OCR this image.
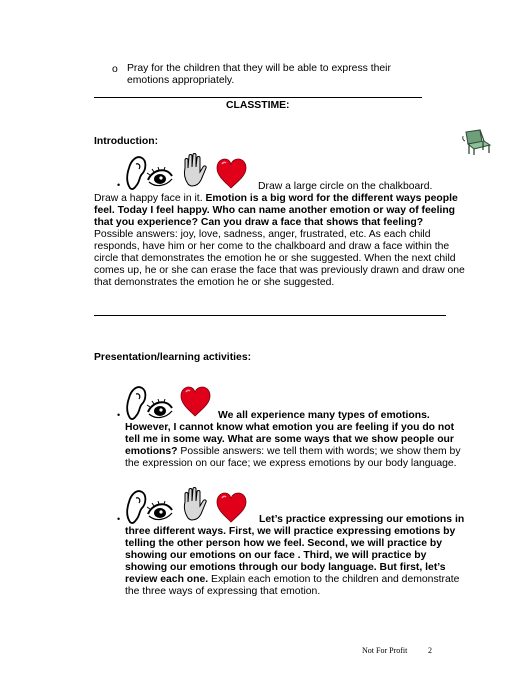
o Pray for the children that they will be able to express their
emotions appropriately.
CLASSTIME:
Introduction:
•	Draw a large circle on the chalkboard.
Draw a happy face in it. Emotion is a big word for the different ways people
feel. Today I feel happy. Who can name another emotion or way of feeling
that you experience? Can you draw a face that shows that feeling?
Possible answers: joy, love, sadness, anger, frustrated, etc. As each child
responds, have him or her come to the chalkboard and draw a face within the
circle that demonstrates the emotion he or she suggested. When the next child
comes up, he or she can erase the face that was previously drawn and draw one
that demonstrates the emotion he or she suggested.
Presentation/learning activities:
•	We all experience many types of emotions.
However, I cannot know what emotion you are feeling if you do not
tell me in some way. What are some ways that we show people our
emotions? Possible answers: we tell them with words; we show them by
the expression on our face; we express emotions by our body language.
•	Let’s practice expressing our emotions in
three different ways. First, we will practice expressing emotions by
telling the other person how we feel. Second, we will practice by
showing our emotions on our face . Third, we will practice by
showing our emotions through our body language. But first, let’s
review each one. Explain each emotion to the children and demonstrate
the three ways of expressing that emotion.
Not For Profit	2
